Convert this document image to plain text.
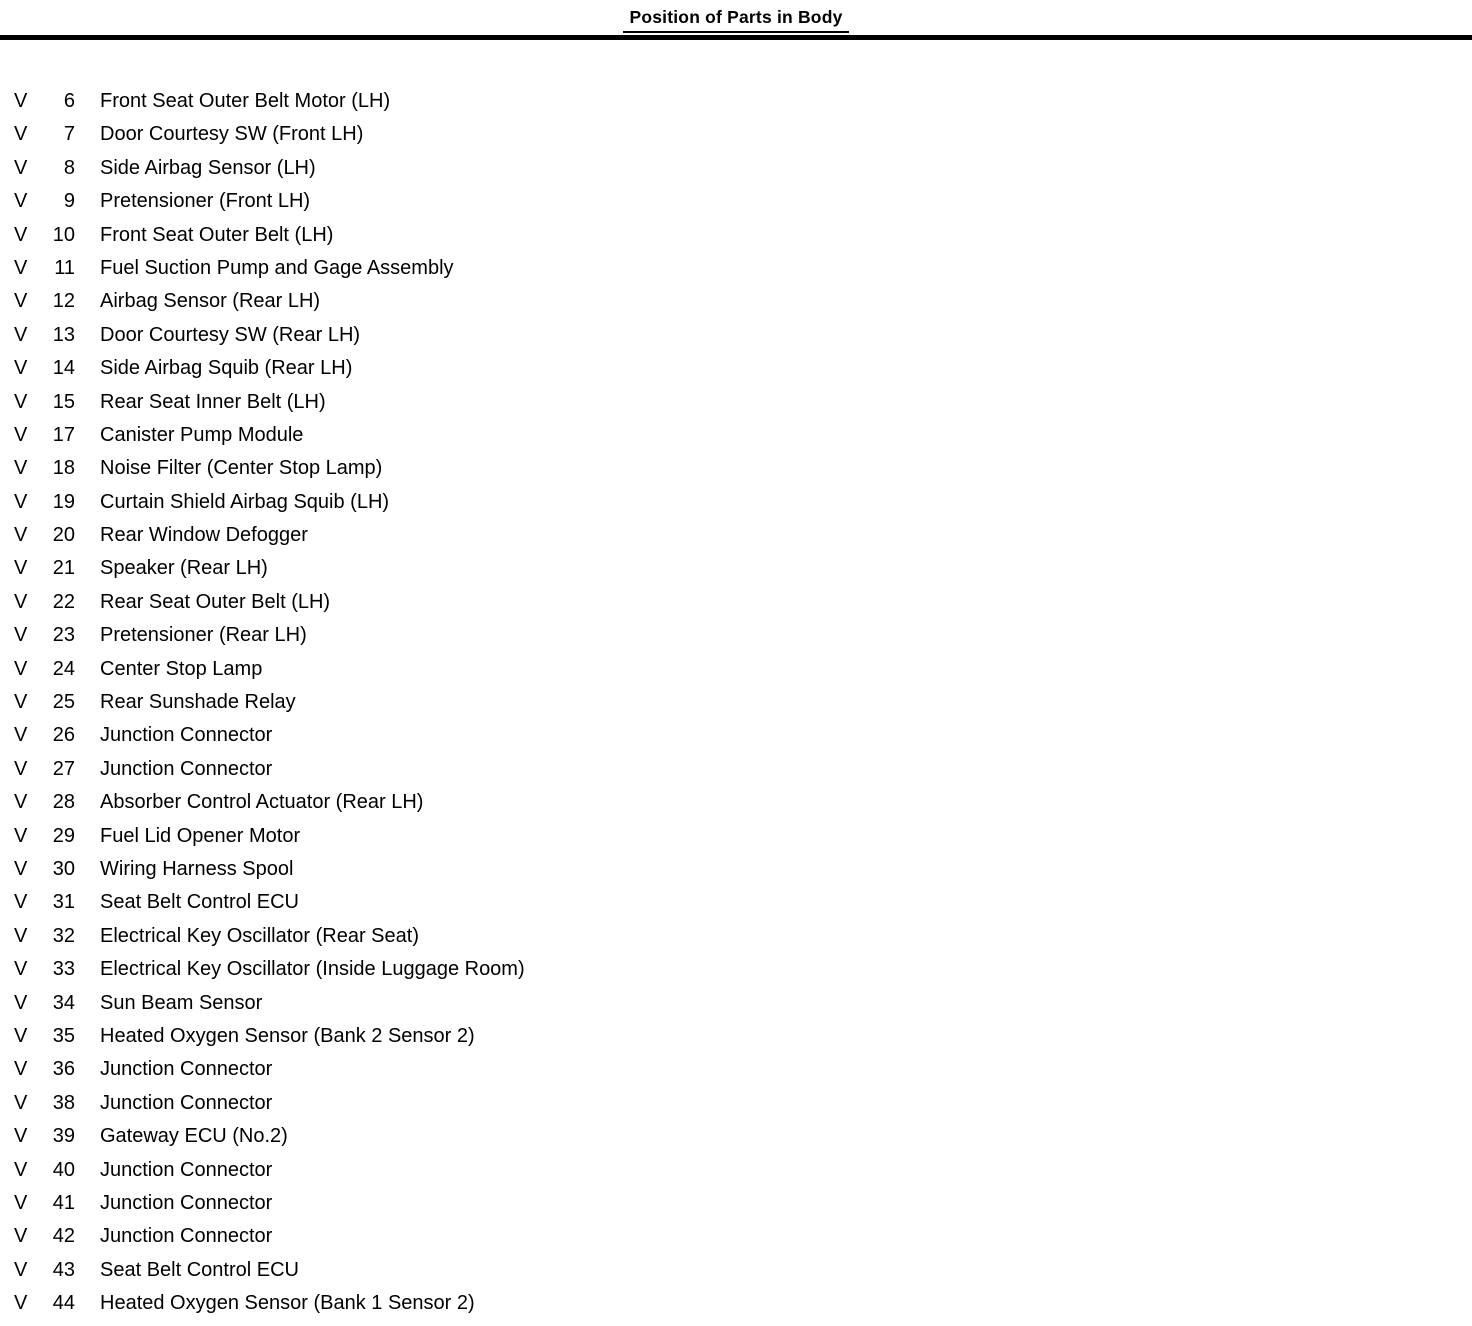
Position of Parts in Body
V	6 Front Seat Outer Belt Motor (LH)
V	7 Door Courtesy SW (Front LH)
V	8 Side Airbag Sensor (LH)
V	9 Pretensioner (Front LH)
V	10 Front Seat Outer Belt (LH)
V	11 Fuel Suction Pump and Gage Assembly
V	12 Airbag Sensor (Rear LH)
V	13 Door Courtesy SW (Rear LH)
V	14 Side Airbag Squib (Rear LH)
V	15 Rear Seat Inner Belt (LH)
V	17 Canister Pump Module
V	18 Noise Filter (Center Stop Lamp)
V	19 Curtain Shield Airbag Squib (LH)
V	20 Rear Window Defogger
V	21 Speaker (Rear LH)
V	22 Rear Seat Outer Belt (LH)
V	23 Pretensioner (Rear LH)
V	24 Center Stop Lamp
V	25 Rear Sunshade Relay
V	26 Junction Connector
V	27 Junction Connector
V	28 Absorber Control Actuator (Rear LH)
V	29 Fuel Lid Opener Motor
V	30 Wiring Harness Spool
V	31 Seat Belt Control ECU
V	32 Electrical Key Oscillator (Rear Seat)
V	33 Electrical Key Oscillator (Inside Luggage Room)
V	34 Sun Beam Sensor
V	35 Heated Oxygen Sensor (Bank 2 Sensor 2)
V	36 Junction Connector
V	38 Junction Connector
V	39 Gateway ECU (No.2)
V	40 Junction Connector
V	41 Junction Connector
V	42 Junction Connector
V	43 Seat Belt Control ECU
V	44 Heated Oxygen Sensor (Bank 1 Sensor 2)
